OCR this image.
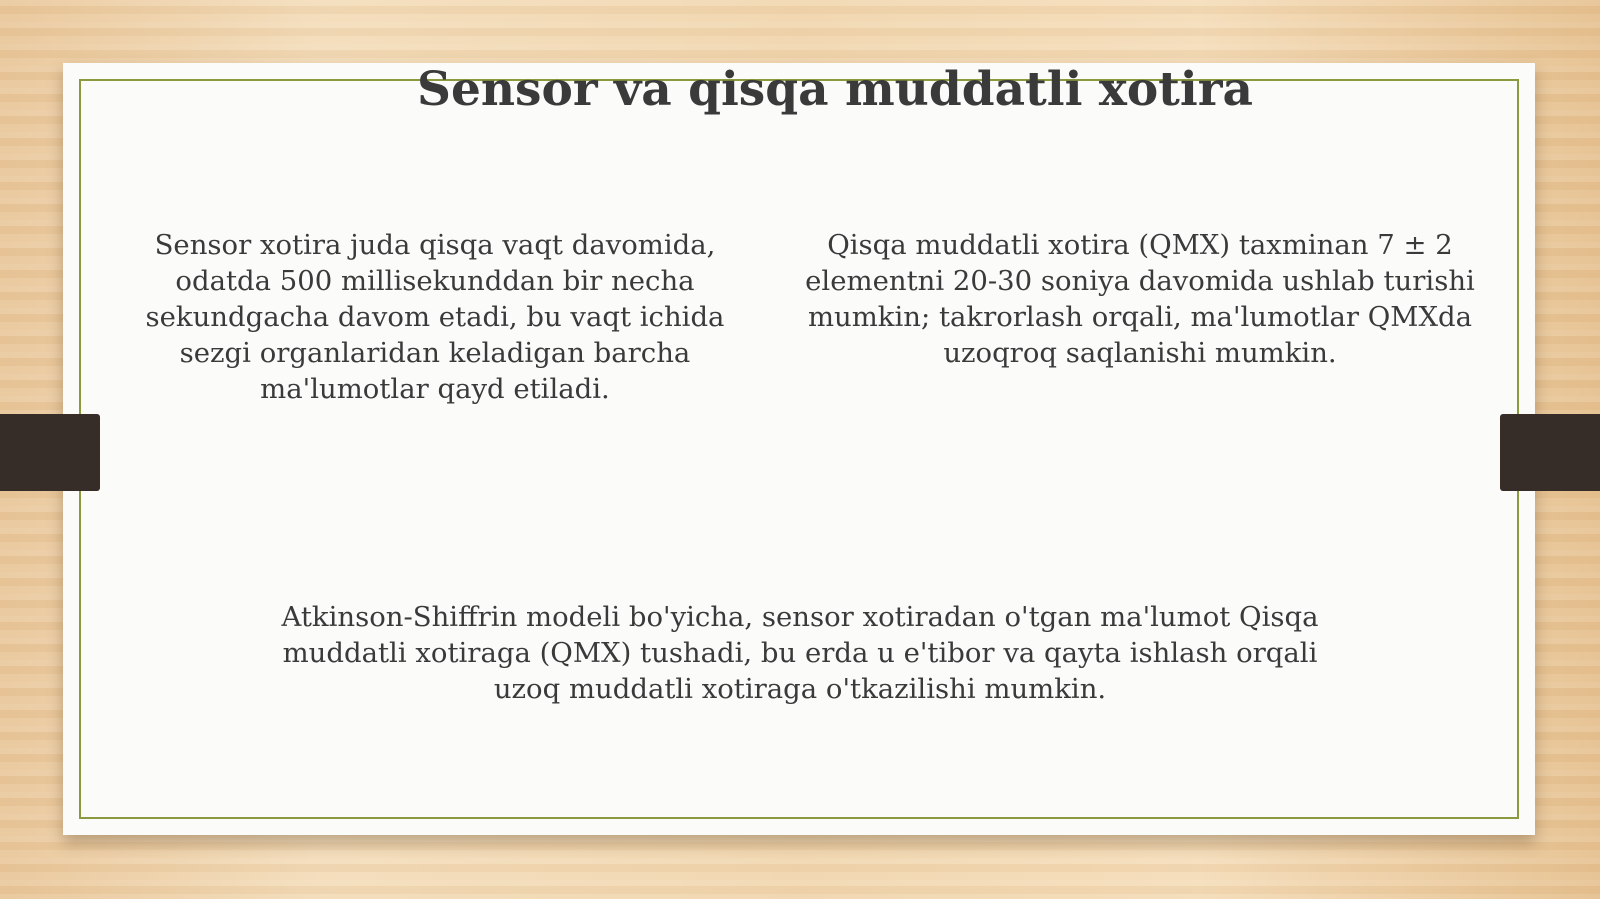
Sensor va qisqa muddatli xotira

Sensor xotira juda qisqa vaqt davomida, odatda 500 millisekunddan bir necha sekundgacha davom etadi, bu vaqt ichida sezgi organlaridan keladigan barcha ma'lumotlar qayd etiladi.

Qisqa muddatli xotira (QMX) taxminan 7 ± 2 elementni 20-30 soniya davomida ushlab turishi mumkin; takrorlash orqali, ma'lumotlar QMXda uzoqroq saqlanishi mumkin.

Atkinson-Shiffrin modeli bo'yicha, sensor xotiradan o'tgan ma'lumot Qisqa muddatli xotiraga (QMX) tushadi, bu erda u e'tibor va qayta ishlash orqali uzoq muddatli xotiraga o'tkazilishi mumkin.
